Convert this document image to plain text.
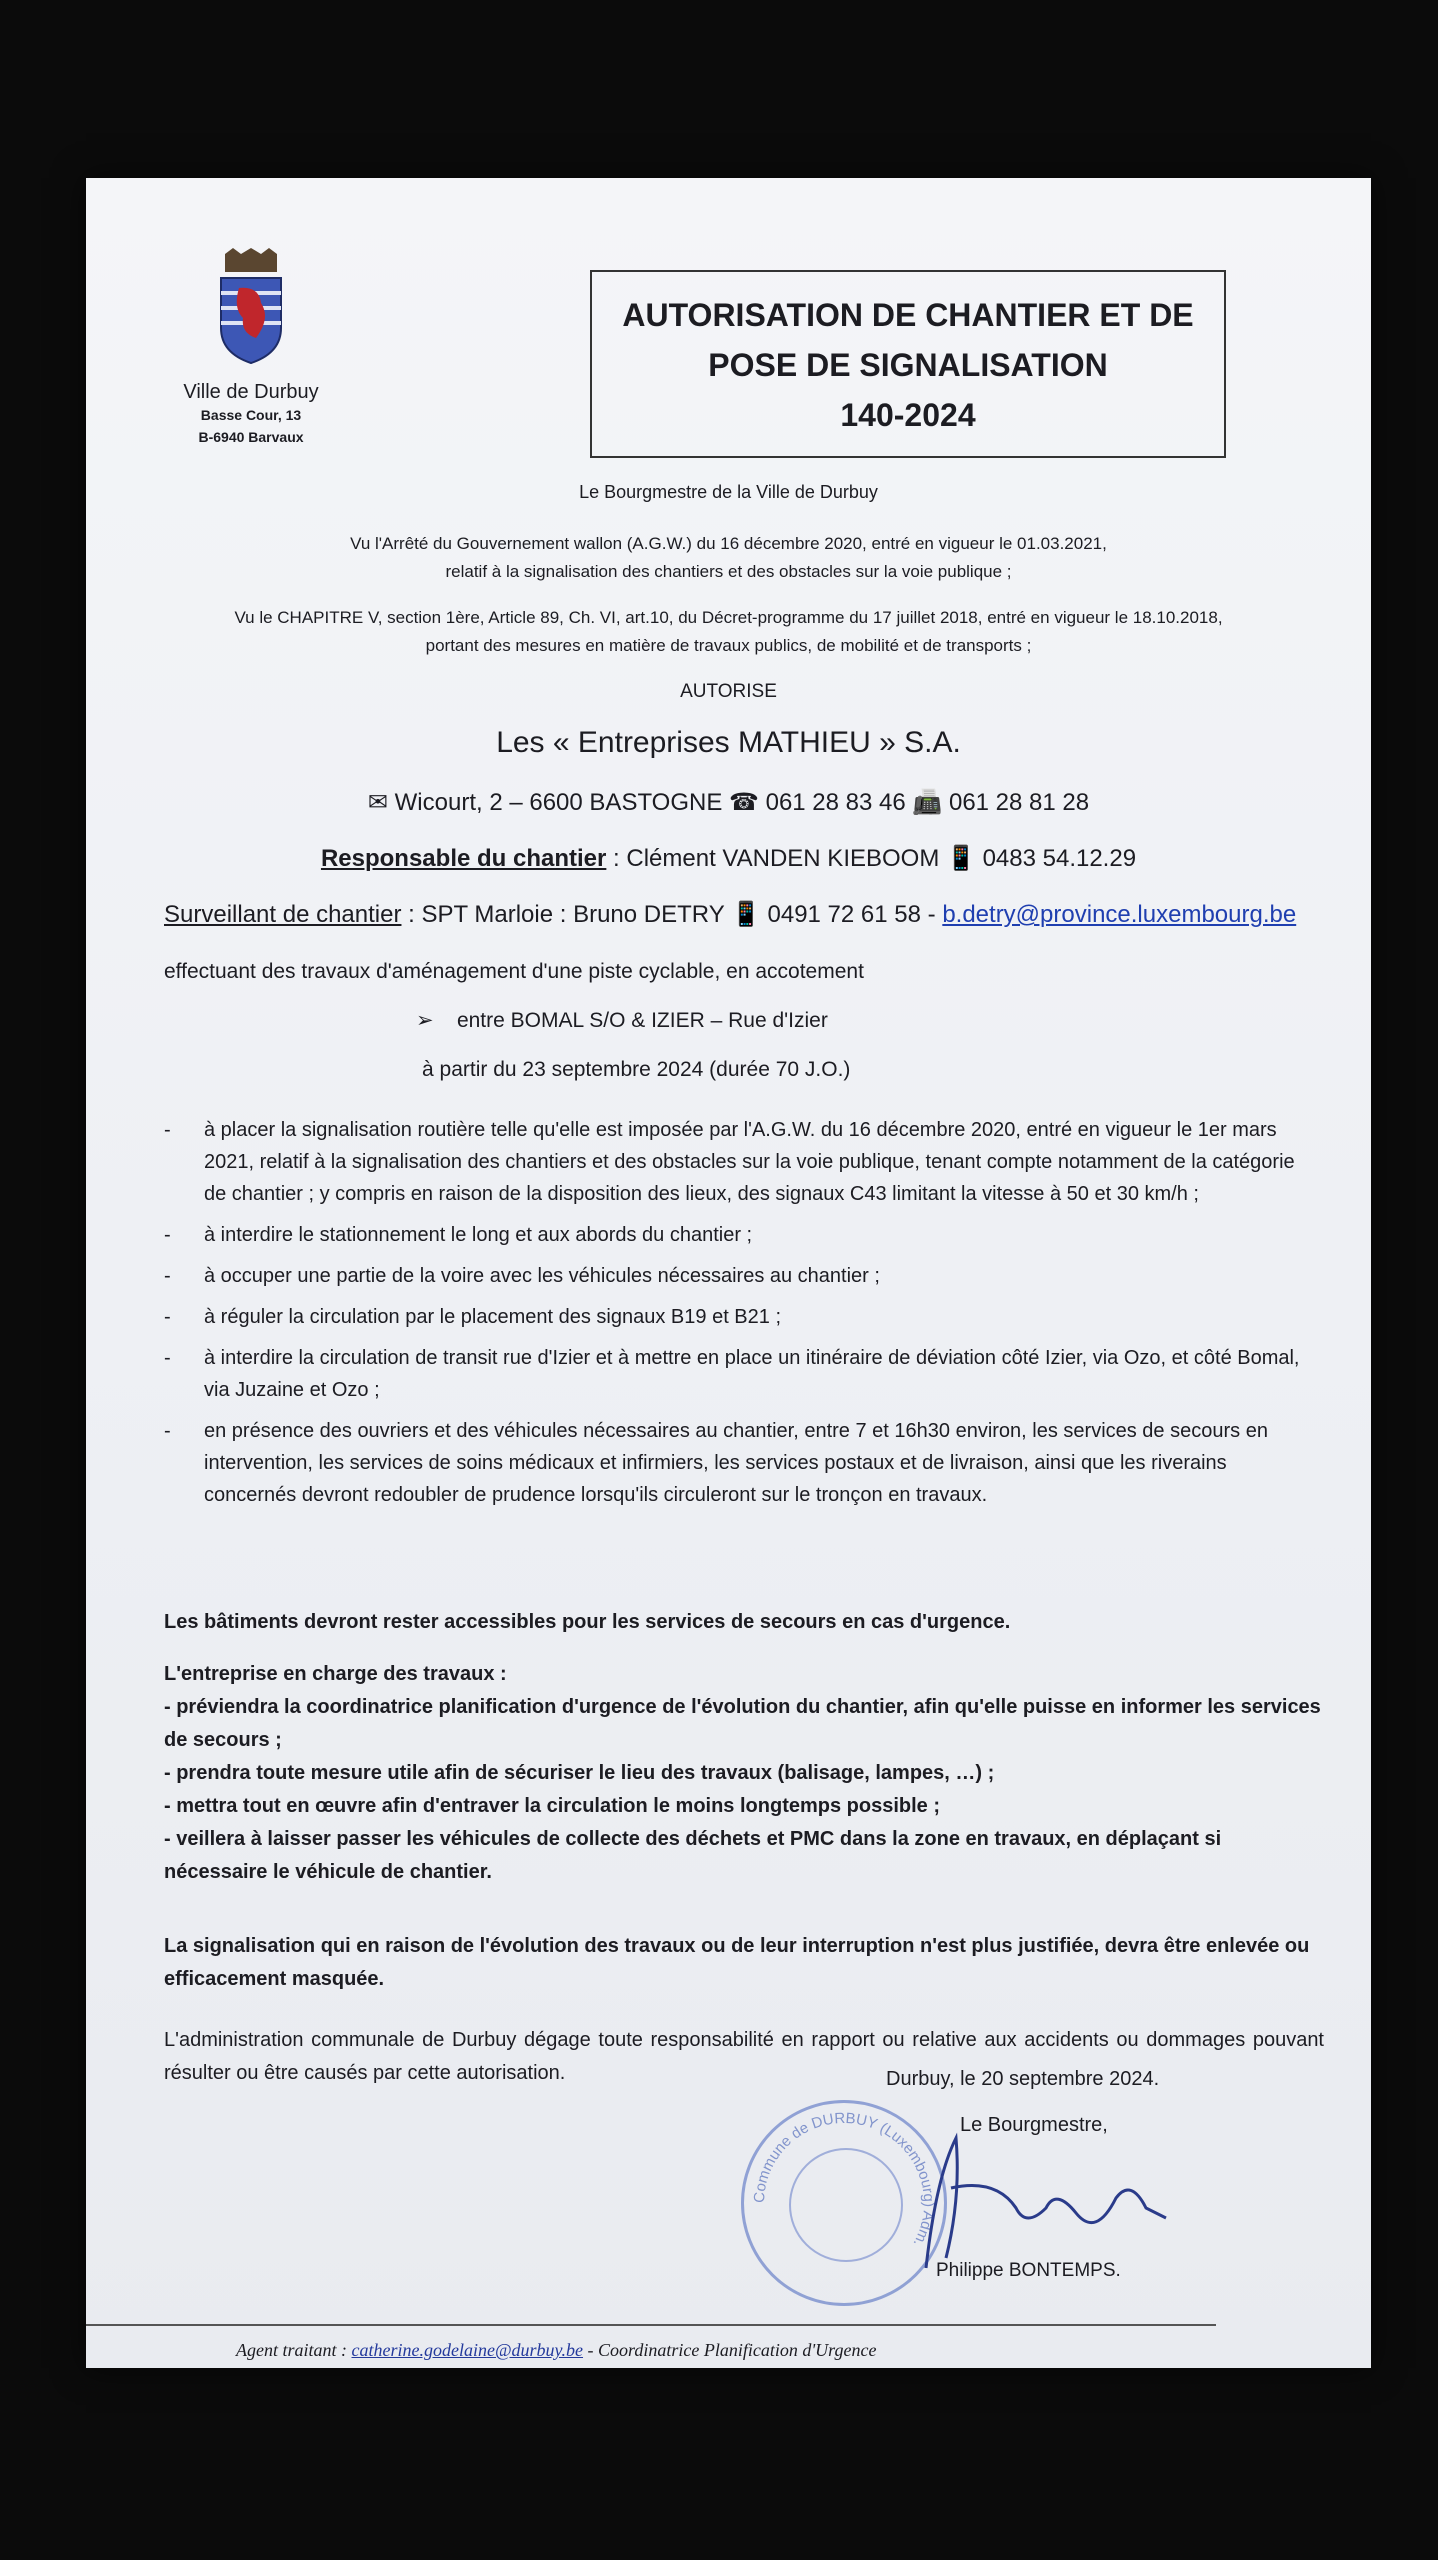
Ville de Durbuy
Basse Cour, 13
B-6940 Barvaux
AUTORISATION DE CHANTIER ET DE
POSE DE SIGNALISATION
140-2024
Le Bourgmestre de la Ville de Durbuy
Vu l'Arrêté du Gouvernement wallon (A.G.W.) du 16 décembre 2020, entré en vigueur le 01.03.2021,
relatif à la signalisation des chantiers et des obstacles sur la voie publique ;
Vu le CHAPITRE V, section 1ère, Article 89, Ch. VI, art.10, du Décret-programme du 17 juillet 2018, entré en vigueur le 18.10.2018,
portant des mesures en matière de travaux publics, de mobilité et de transports ;
AUTORISE
Les « Entreprises MATHIEU » S.A.
✉ Wicourt, 2 – 6600 BASTOGNE ☎ 061 28 83 46 📠 061 28 81 28
Responsable du chantier : Clément VANDEN KIEBOOM 📱 0483 54.12.29
Surveillant de chantier : SPT Marloie : Bruno DETRY 📱 0491 72 61 58 - b.detry@province.luxembourg.be
effectuant des travaux d'aménagement d'une piste cyclable, en accotement
➢    entre BOMAL S/O & IZIER – Rue d'Izier
à partir du 23 septembre 2024 (durée 70 J.O.)
-	à placer la signalisation routière telle qu'elle est imposée par l'A.G.W. du 16 décembre 2020, entré en vigueur le 1er mars 2021, relatif à la signalisation des chantiers et des obstacles sur la voie publique, tenant compte notamment de la catégorie de chantier ; y compris en raison de la disposition des lieux, des signaux C43 limitant la vitesse à 50 et 30 km/h ;
-	à interdire le stationnement le long et aux abords du chantier ;
-	à occuper une partie de la voire avec les véhicules nécessaires au chantier ;
-	à réguler la circulation par le placement des signaux B19 et B21 ;
-	à interdire la circulation de transit rue d'Izier et à mettre en place un itinéraire de déviation côté Izier, via Ozo, et côté Bomal, via Juzaine et Ozo ;
-	en présence des ouvriers et des véhicules nécessaires au chantier, entre 7 et 16h30 environ, les services de secours en intervention, les services de soins médicaux et infirmiers, les services postaux et de livraison, ainsi que les riverains concernés devront redoubler de prudence lorsqu'ils circuleront sur le tronçon en travaux.
Les bâtiments devront rester accessibles pour les services de secours en cas d'urgence.
L'entreprise en charge des travaux :
- préviendra la coordinatrice planification d'urgence de l'évolution du chantier, afin qu'elle puisse en informer les services de secours ;
- prendra toute mesure utile afin de sécuriser le lieu des travaux (balisage, lampes, …) ;
- mettra tout en œuvre afin d'entraver la circulation le moins longtemps possible ;
- veillera à laisser passer les véhicules de collecte des déchets et PMC dans la zone en travaux, en déplaçant si nécessaire le véhicule de chantier.
La signalisation qui en raison de l'évolution des travaux ou de leur interruption n'est plus justifiée, devra être enlevée ou efficacement masquée.
L'administration communale de Durbuy dégage toute responsabilité en rapport ou relative aux accidents ou dommages pouvant résulter ou être causés par cette autorisation.	Durbuy, le 20 septembre 2024.
Le Bourgmestre,
Commune de DURBUY (Luxembourg) Adm.
Philippe BONTEMPS.
Agent traitant : catherine.godelaine@durbuy.be - Coordinatrice Planification d'Urgence
